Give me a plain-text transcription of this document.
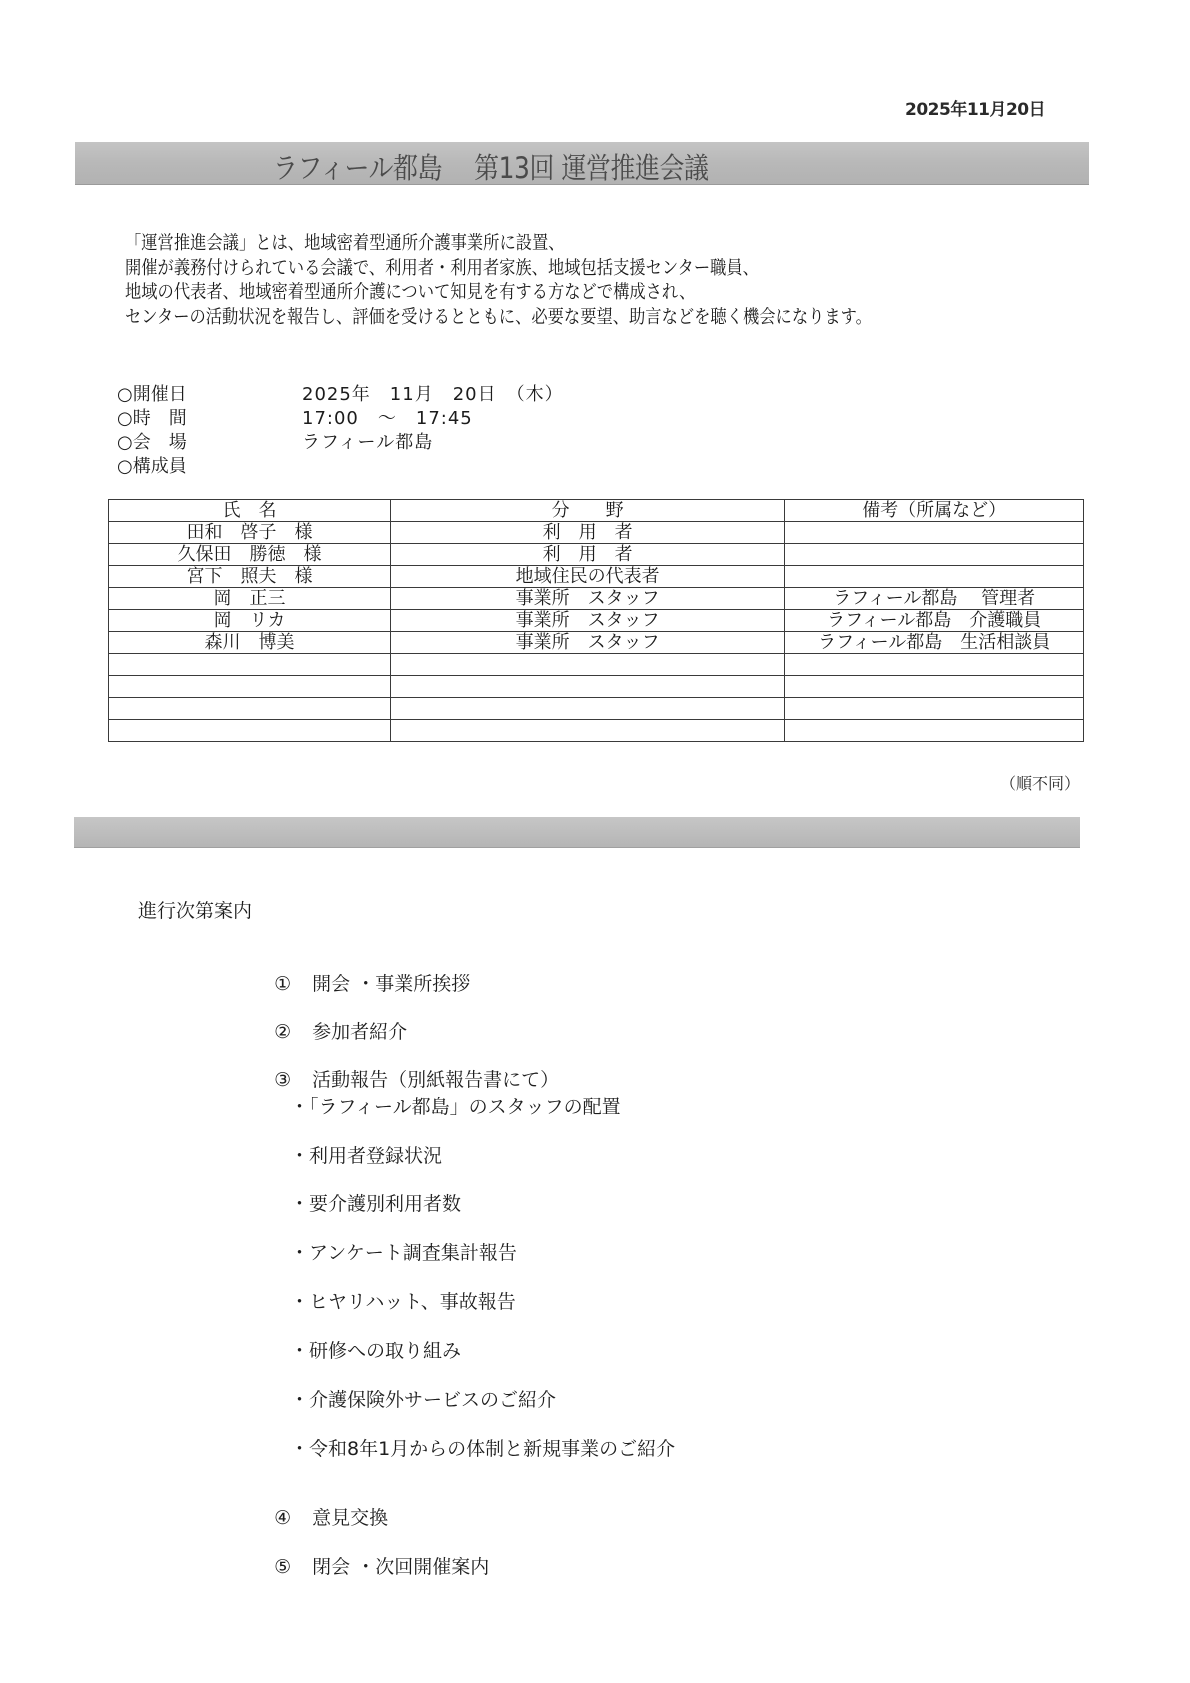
2025年11月20日
ラフィール都島　 第13回 運営推進会議
「運営推進会議」とは、地域密着型通所介護事業所に設置、
開催が義務付けられている会議で、利用者・利用者家族、地域包括支援センター職員、
地域の代表者、地域密着型通所介護について知見を有する方などで構成され、
センターの活動状況を報告し、評価を受けるとともに、必要な要望、助言などを聴く機会になります。
○開催日	2025年　11月　20日　（木）
○時　間	17:00　～　17:45
○会　場	ラフィール都島
○構成員
氏　名	分　　野	備考（所属など）
田和　啓子　様	利　用　者	
久保田　勝徳　様	利　用　者	
宮下　照夫　様	地域住民の代表者	
岡　正三	事業所　スタッフ	ラフィール都島　 管理者
岡　リカ	事業所　スタッフ	ラフィール都島　介護職員
森川　博美	事業所　スタッフ	ラフィール都島　生活相談員

（順不同）
進行次第案内

① 開会 ・事業所挨拶

② 参加者紹介

③ 活動報告（別紙報告書にて）

・「ラフィール都島」のスタッフの配置
・利用者登録状況
・要介護別利用者数
・アンケート調査集計報告
・ヒヤリハット、事故報告
・研修への取り組み
・介護保険外サービスのご紹介
・令和8年1月からの体制と新規事業のご紹介

④ 意見交換

⑤ 閉会 ・次回開催案内
